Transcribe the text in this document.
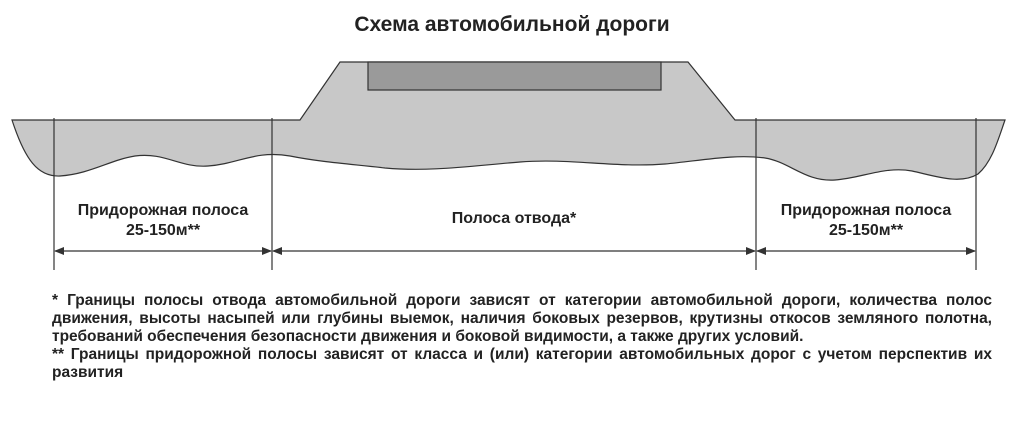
Схема автомобильной дороги
Придорожная полоса
25-150м**
Полоса отвода*	Придорожная полоса
25-150м**

* Границы полосы отвода автомобильной дороги зависят от категории автомобильной дороги, количества полос движения, высоты насыпей или глубины выемок, наличия боковых резервов, крутизны откосов земляного полотна, требований обеспечения безопасности движения и боковой видимости, а также других условий.

** Границы придорожной полосы зависят от класса и (или) категории автомобильных дорог с учетом перспектив их развития
